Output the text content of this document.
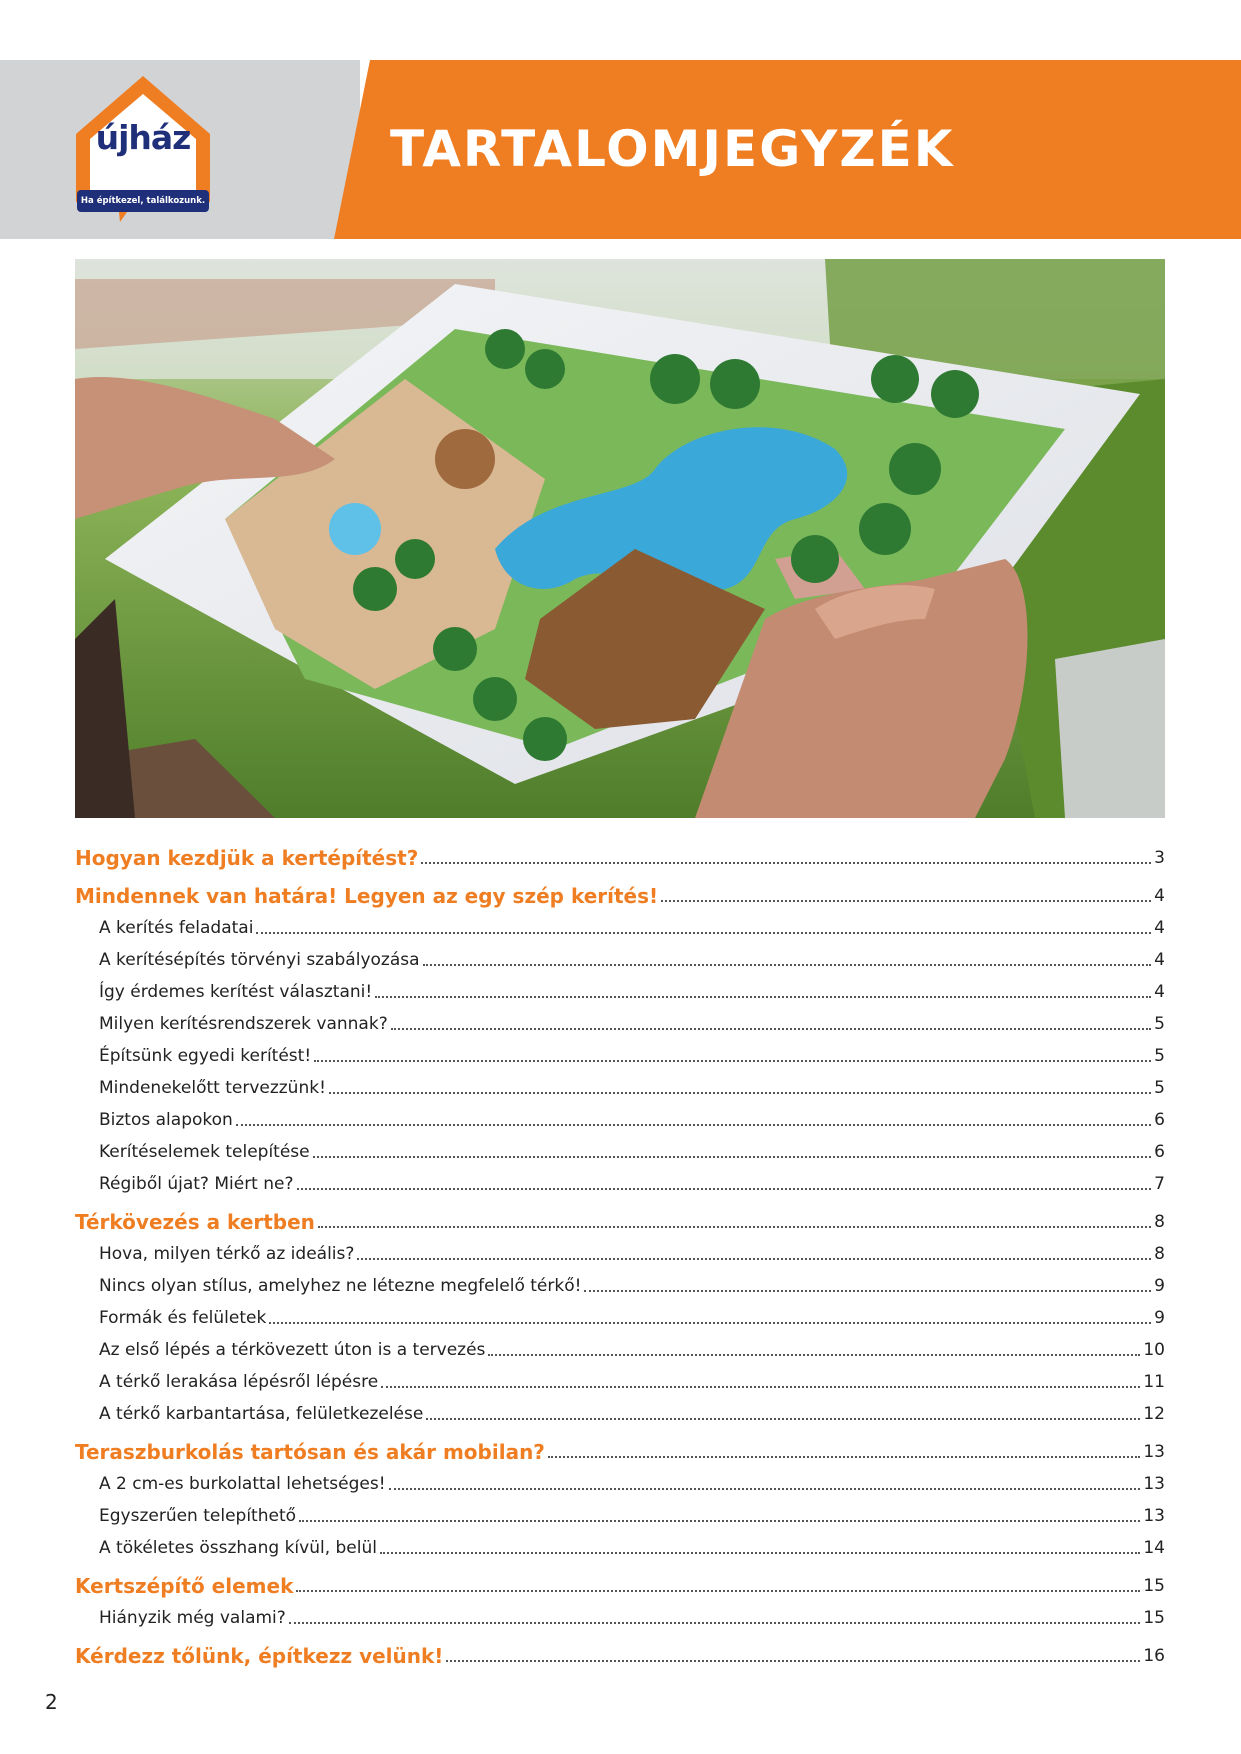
TARTALOMJEGYZÉK
újház
Ha építkezel, találkozunk.
Hogyan kezdjük a kertépítést?	3
Mindennek van határa! Legyen az egy szép kerítés!	4
A kerítés feladatai	4
A kerítésépítés törvényi szabályozása	4
Így érdemes kerítést választani!	4
Milyen kerítésrendszerek vannak?	5
Építsünk egyedi kerítést!	5
Mindenekelőtt tervezzünk!	5
Biztos alapokon	6
Kerítéselemek telepítése	6
Régiből újat? Miért ne?	7
Térkövezés a kertben	8
Hova, milyen térkő az ideális?	8
Nincs olyan stílus, amelyhez ne létezne megfelelő térkő!	9
Formák és felületek	9
Az első lépés a térkövezett úton is a tervezés	10
A térkő lerakása lépésről lépésre	11
A térkő karbantartása, felületkezelése	12
Teraszburkolás tartósan és akár mobilan?	13
A 2 cm-es burkolattal lehetséges!	13
Egyszerűen telepíthető	13
A tökéletes összhang kívül, belül	14
Kertszépítő elemek	15
Hiányzik még valami?	15
Kérdezz tőlünk, építkezz velünk!	16
2
